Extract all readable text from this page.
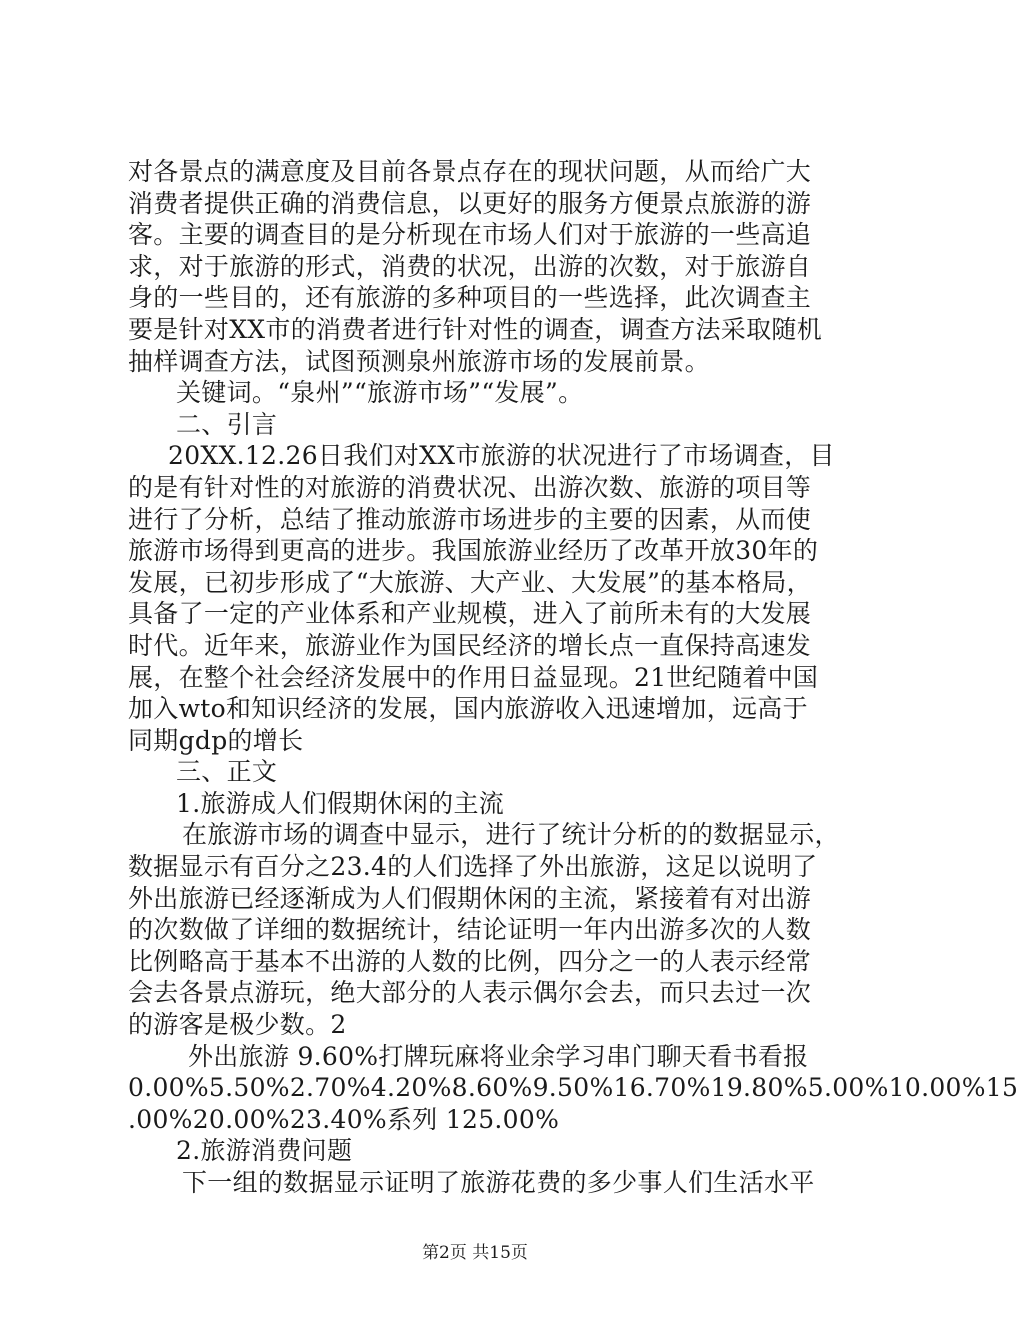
对各景点的满意度及目前各景点存在的现状问题，从而给广大
消费者提供正确的消费信息，以更好的服务方便景点旅游的游
客。主要的调查目的是分析现在市场人们对于旅游的一些高追
求，对于旅游的形式，消费的状况，出游的次数，对于旅游自
身的一些目的，还有旅游的多种项目的一些选择，此次调查主
要是针对XX市的消费者进行针对性的调查，调查方法采取随机
抽样调查方法，试图预测泉州旅游市场的发展前景。
关键词。“泉州”“旅游市场”“发展”。
二、引言
20XX.12.26日我们对XX市旅游的状况进行了市场调查，目
的是有针对性的对旅游的消费状况、出游次数、旅游的项目等
进行了分析，总结了推动旅游市场进步的主要的因素，从而使
旅游市场得到更高的进步。我国旅游业经历了改革开放30年的
发展，已初步形成了“大旅游、大产业、大发展”的基本格局，
具备了一定的产业体系和产业规模，进入了前所未有的大发展
时代。近年来，旅游业作为国民经济的增长点一直保持高速发
展，在整个社会经济发展中的作用日益显现。21世纪随着中国
加入wto和知识经济的发展，国内旅游收入迅速增加，远高于
同期gdp的增长
三、正文
1.旅游成人们假期休闲的主流
在旅游市场的调查中显示，进行了统计分析的的数据显示，
数据显示有百分之23.4的人们选择了外出旅游，这足以说明了
外出旅游已经逐渐成为人们假期休闲的主流，紧接着有对出游
的次数做了详细的数据统计，结论证明一年内出游多次的人数
比例略高于基本不出游的人数的比例，四分之一的人表示经常
会去各景点游玩，绝大部分的人表示偶尔会去，而只去过一次
的游客是极少数。2
外出旅游 9.60%打牌玩麻将业余学习串门聊天看书看报
0.00%5.50%2.70%4.20%8.60%9.50%16.70%19.80%5.00%10.00%15
.00%20.00%23.40%系列 125.00%
2.旅游消费问题
下一组的数据显示证明了旅游花费的多少事人们生活水平
第2页 共15页
